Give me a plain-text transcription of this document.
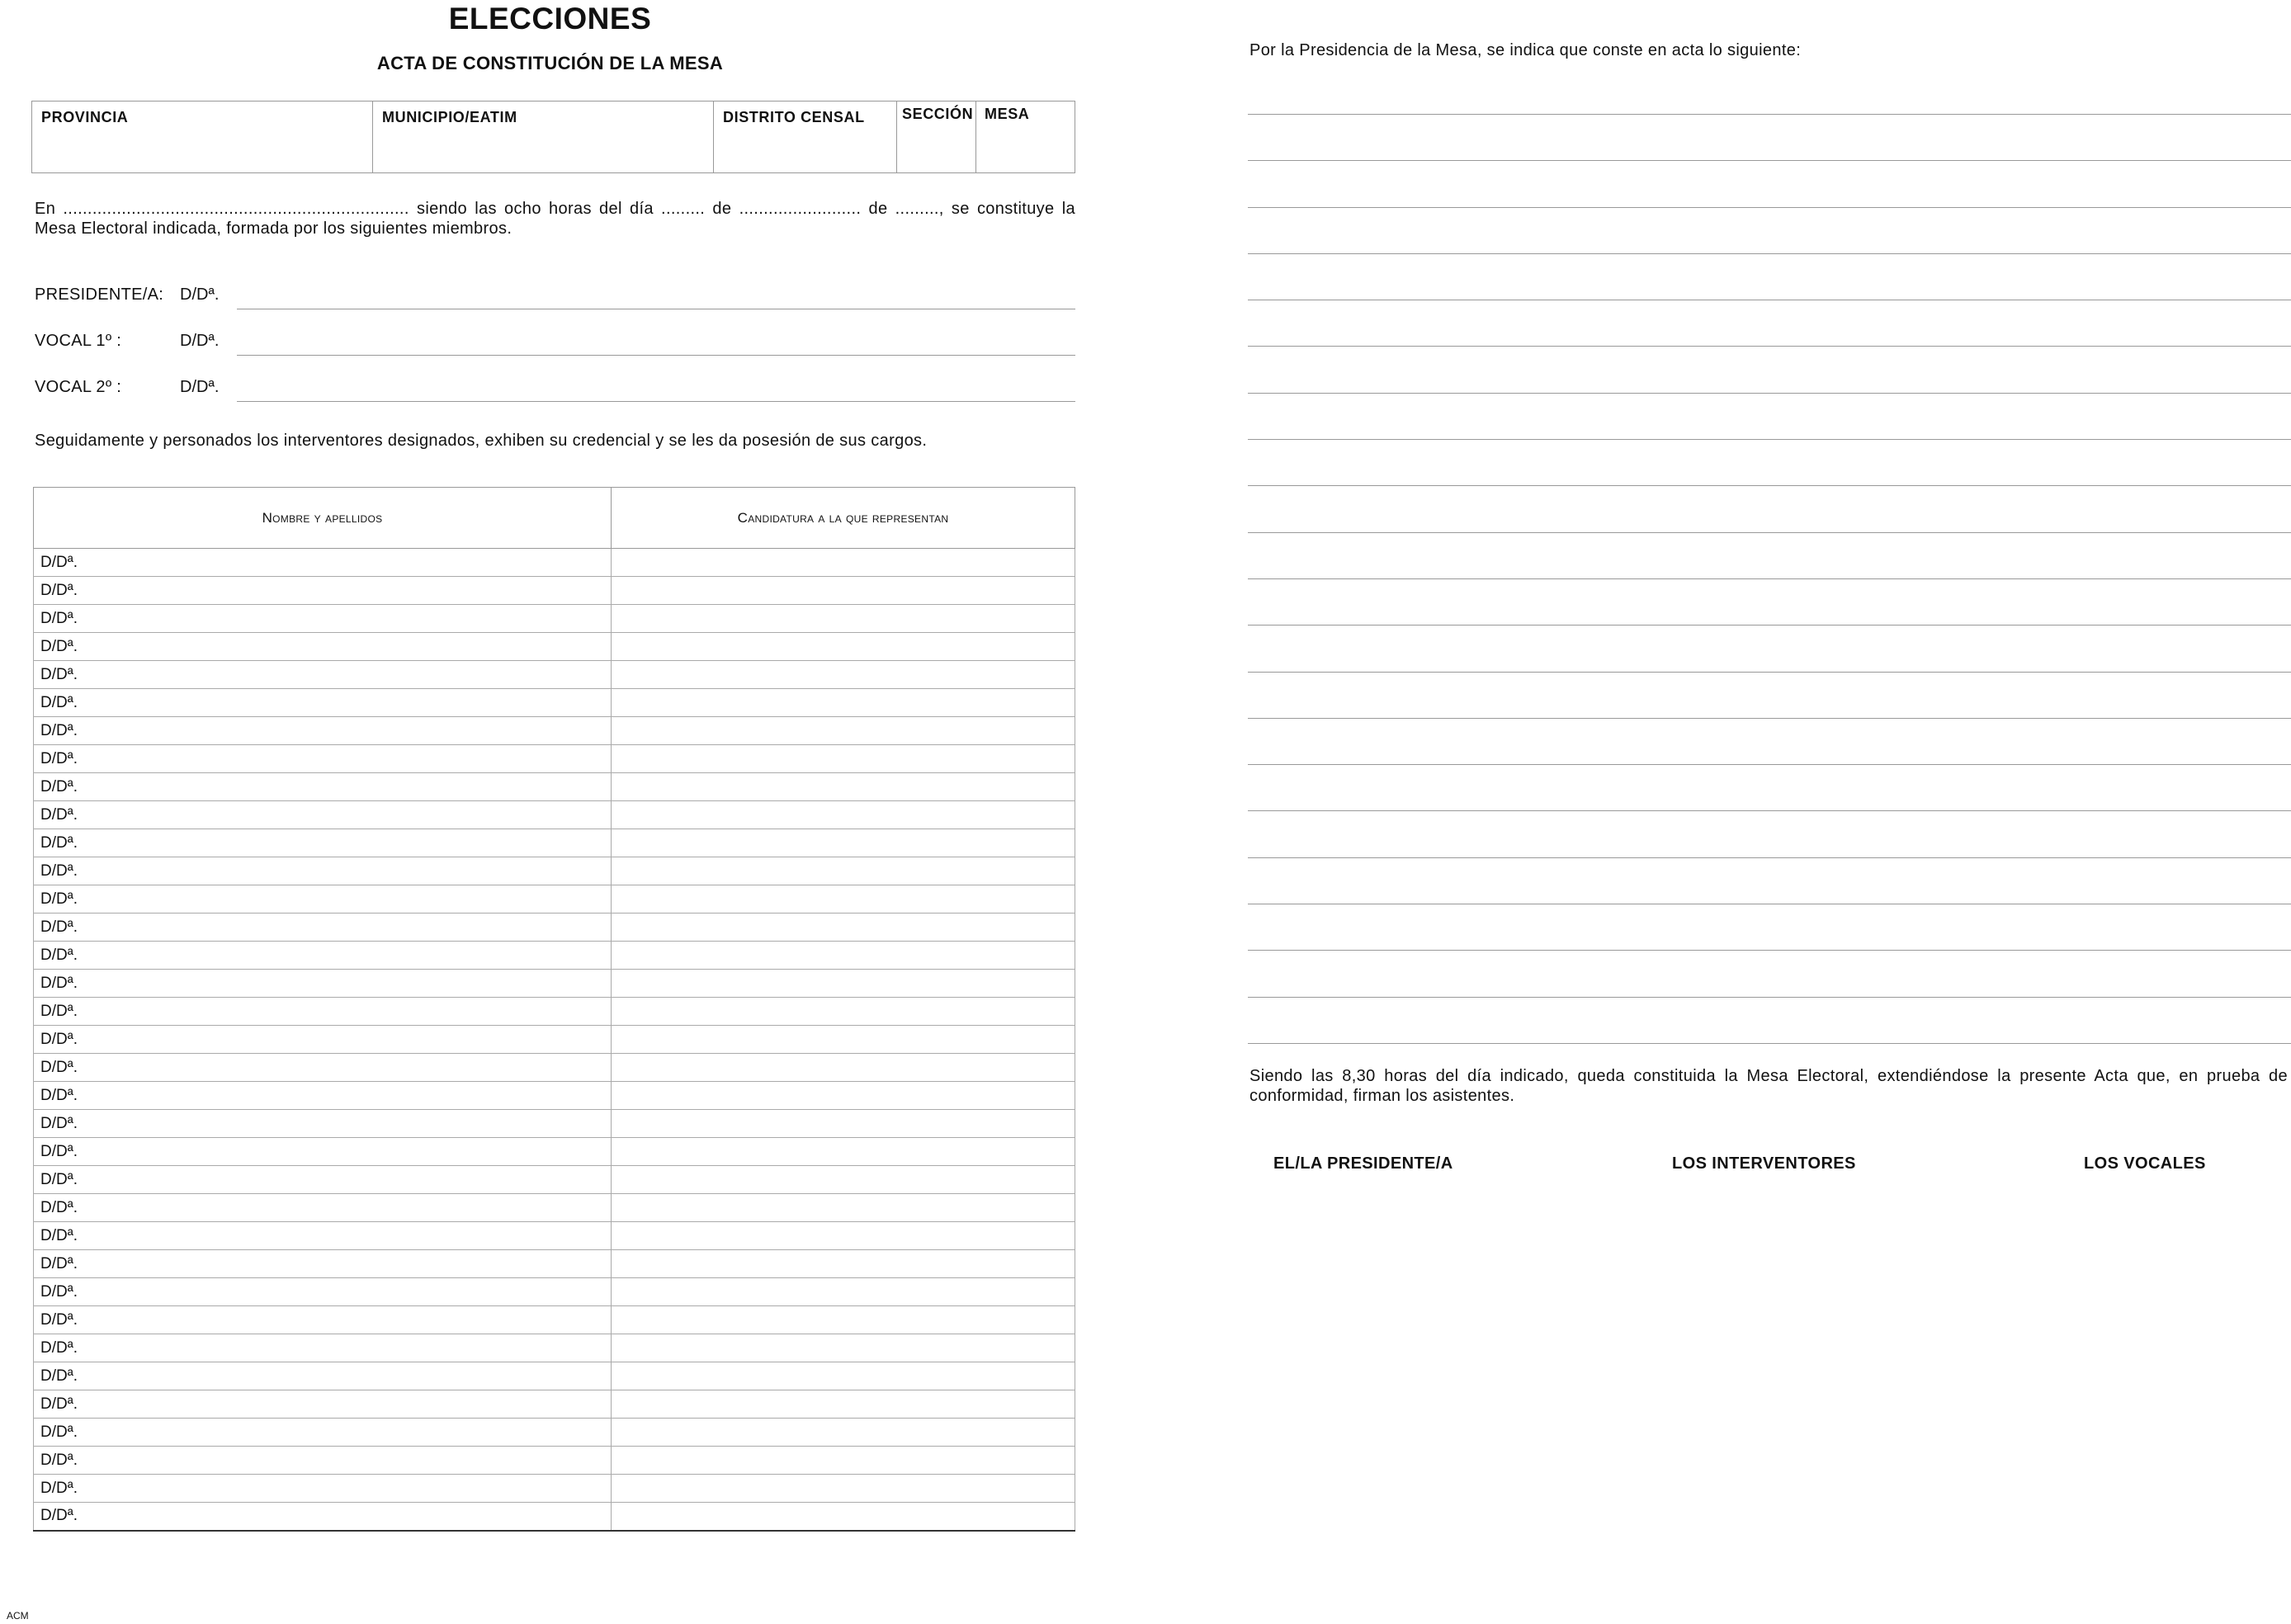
ELECCIONES
ACTA DE CONSTITUCIÓN DE LA MESA
PROVINCIA	MUNICIPIO/EATIM	DISTRITO CENSAL	SECCIÓN MESA
En ....................................................................... siendo las ocho horas del día ......... de ......................... de ........., se constituye la Mesa Electoral indicada, formada por los siguientes miembros.
PRESIDENTE/A: D/Dª.
VOCAL 1º :	D/Dª.
VOCAL 2º :	D/Dª.
Seguidamente y personados los interventores designados, exhiben su credencial y se les da posesión de sus cargos.
Nombre y apellidos	Candidatura a la que representan
D/Dª.	
D/Dª.	
D/Dª.	
D/Dª.	
D/Dª.	
D/Dª.	
D/Dª.	
D/Dª.	
D/Dª.	
D/Dª.	
D/Dª.	
D/Dª.	
D/Dª.	
D/Dª.	
D/Dª.	
D/Dª.	
D/Dª.	
D/Dª.	
D/Dª.	
D/Dª.	
D/Dª.	
D/Dª.	
D/Dª.	
D/Dª.	
D/Dª.	
D/Dª.	
D/Dª.	
D/Dª.	
D/Dª.	
D/Dª.	
D/Dª.	
D/Dª.	
D/Dª.	
D/Dª.	
D/Dª.	
ACM
Por la Presidencia de la Mesa, se indica que conste en acta lo siguiente:
Siendo las 8,30 horas del día indicado, queda constituida la Mesa Electoral, extendiéndose la presente Acta que, en prueba de conformidad, firman los asistentes.
EL/LA PRESIDENTE/A	LOS INTERVENTORES	LOS VOCALES
